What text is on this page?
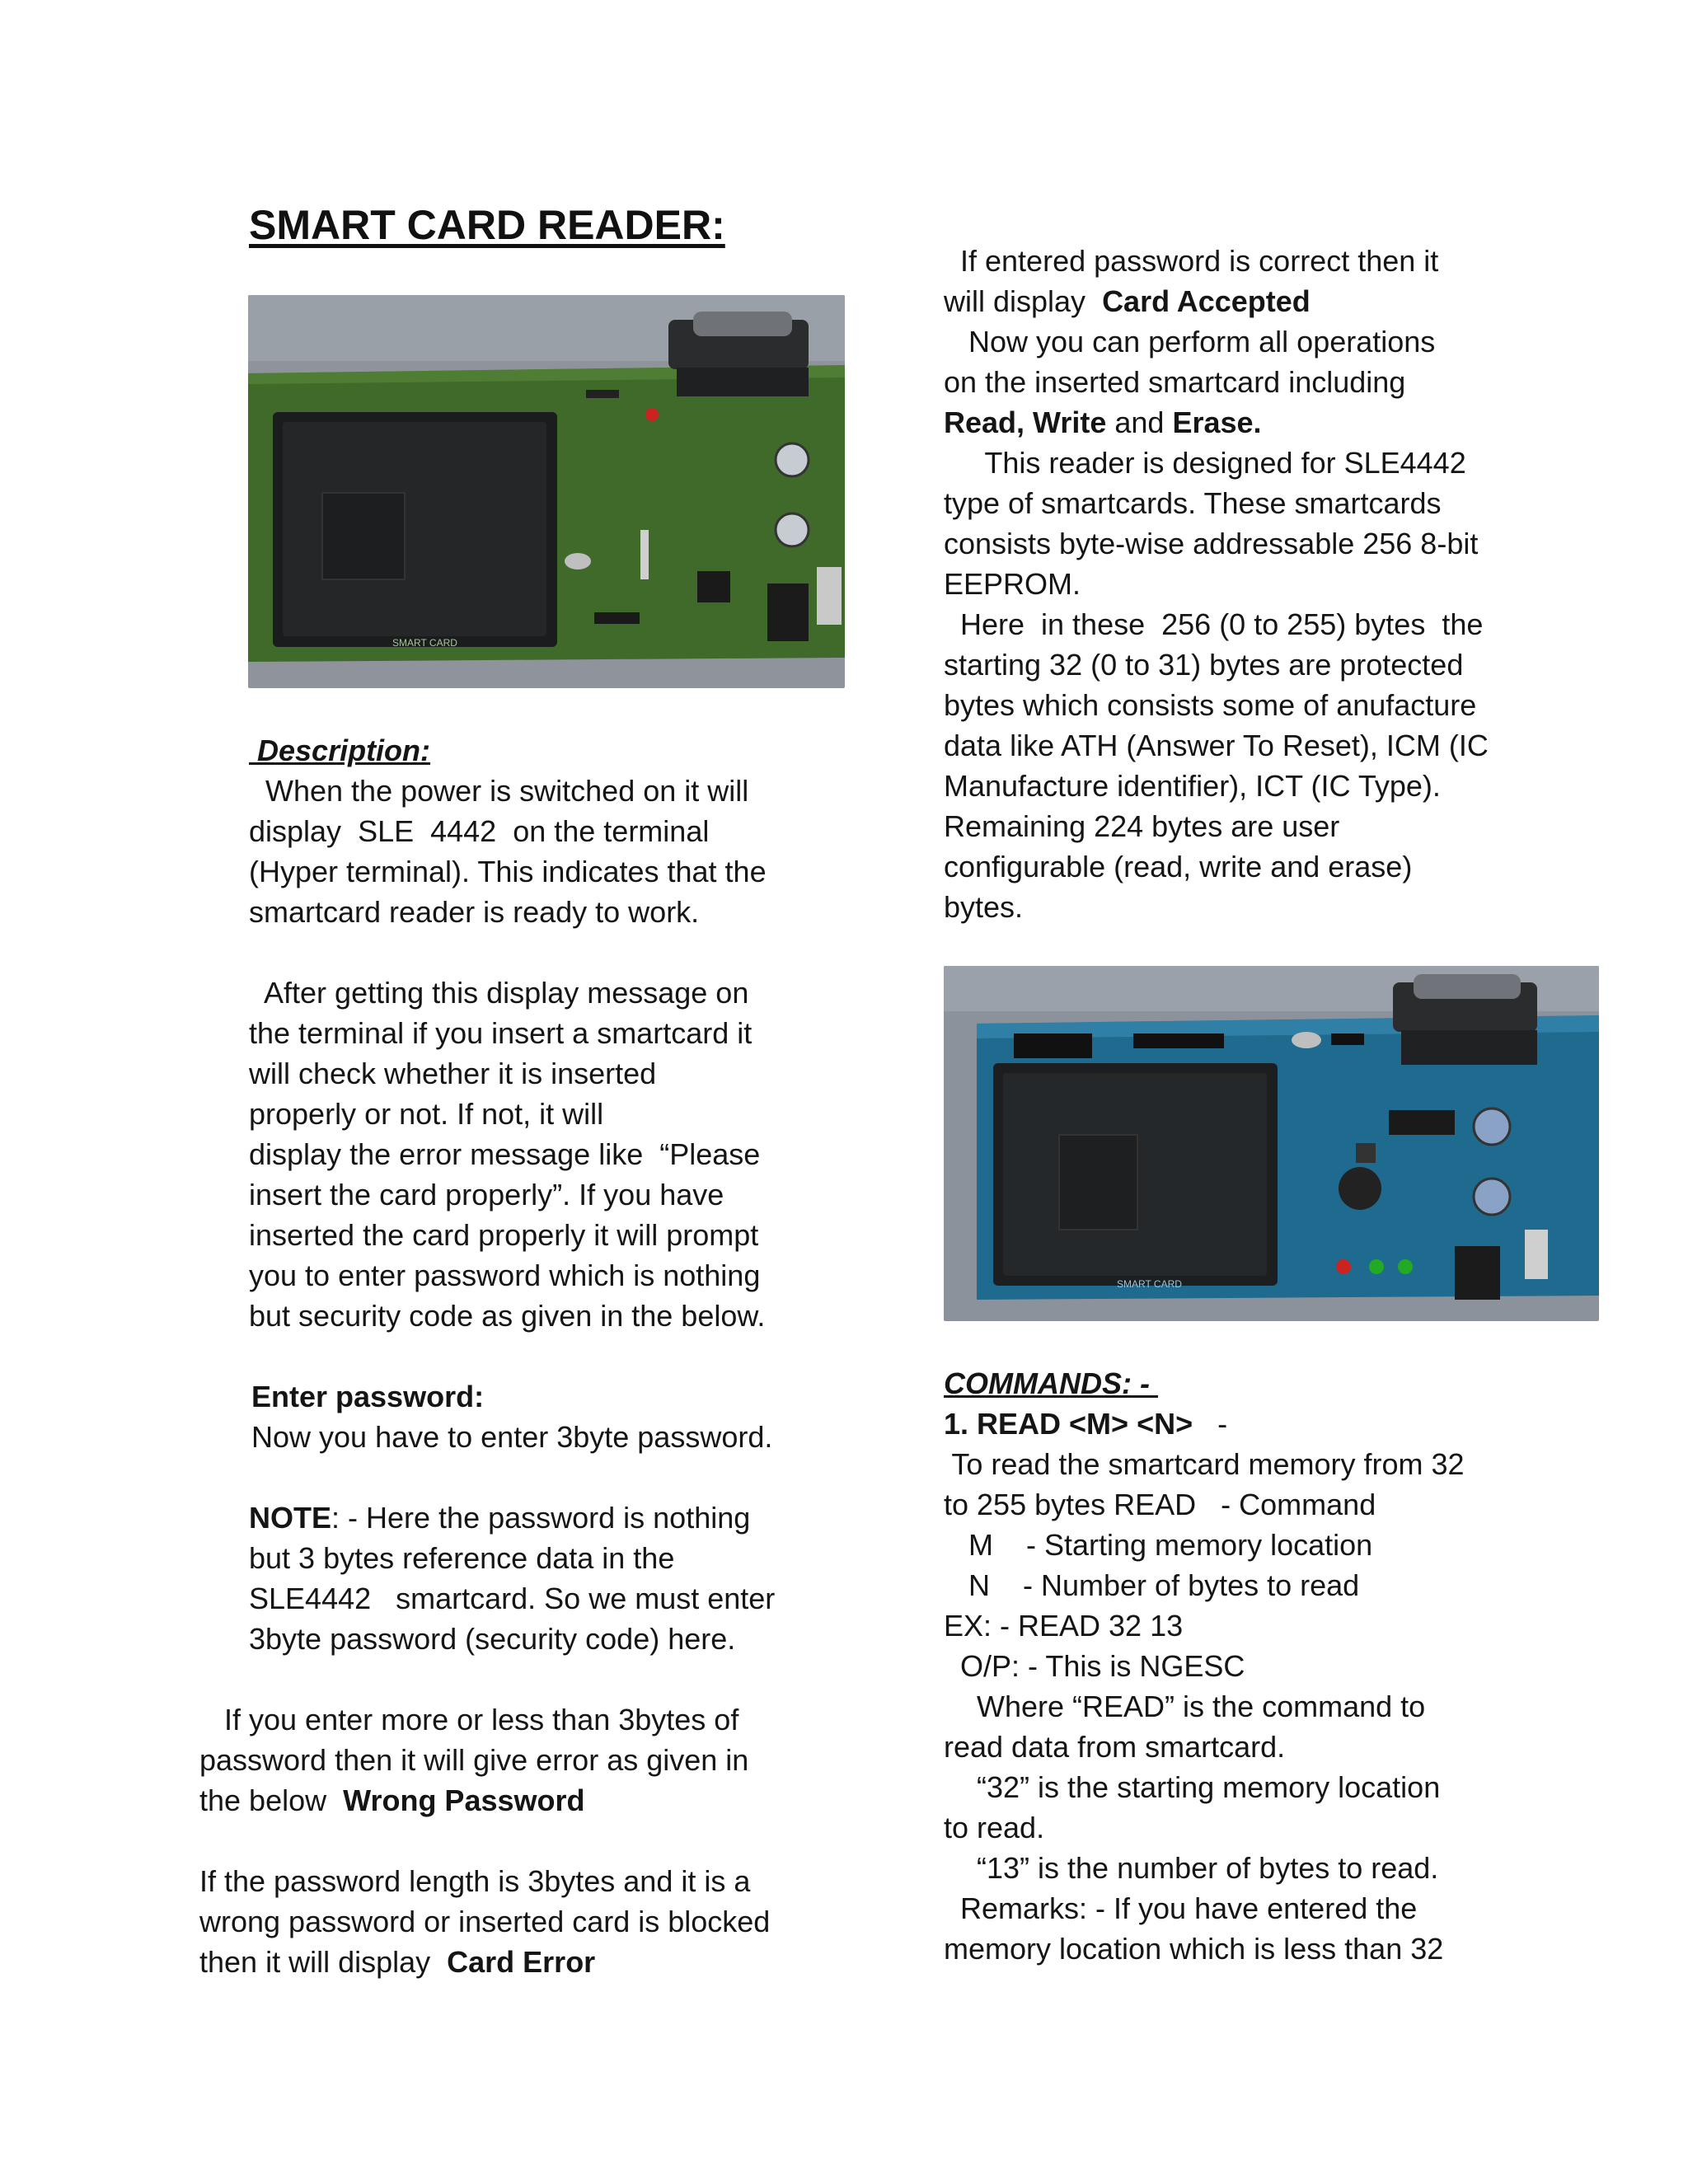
SMART CARD READER:
SMART CARD
Description:
When the power is switched on it will
display  SLE  4442  on the terminal
(Hyper terminal). This indicates that the
smartcard reader is ready to work.
After getting this display message on
the terminal if you insert a smartcard it
will check whether it is inserted
properly or not. If not, it will
display the error message like  “Please
insert the card properly”. If you have
inserted the card properly it will prompt
you to enter password which is nothing
but security code as given in the below.
Enter password:
Now you have to enter 3byte password.
NOTE: - Here the password is nothing
but 3 bytes reference data in the
SLE4442   smartcard. So we must enter
3byte password (security code) here.
If you enter more or less than 3bytes of
password then it will give error as given in
the below  Wrong Password
If the password length is 3bytes and it is a
wrong password or inserted card is blocked
then it will display  Card Error
If entered password is correct then it
will display  Card Accepted
Now you can perform all operations
on the inserted smartcard including
Read, Write and Erase.
This reader is designed for SLE4442
type of smartcards. These smartcards
consists byte-wise addressable 256 8-bit
EEPROM.
Here  in these  256 (0 to 255) bytes  the
starting 32 (0 to 31) bytes are protected
bytes which consists some of anufacture
data like ATH (Answer To Reset), ICM (IC
Manufacture identifier), ICT (IC Type).
Remaining 224 bytes are user
configurable (read, write and erase)
bytes.
SMART CARD
COMMANDS: -
1. READ <M> <N>   -
To read the smartcard memory from 32
to 255 bytes READ   - Command
M    - Starting memory location
N    - Number of bytes to read
EX: - READ 32 13
O/P: - This is NGESC
Where “READ” is the command to
read data from smartcard.
“32” is the starting memory location
to read.
“13” is the number of bytes to read.
Remarks: - If you have entered the
memory location which is less than 32
